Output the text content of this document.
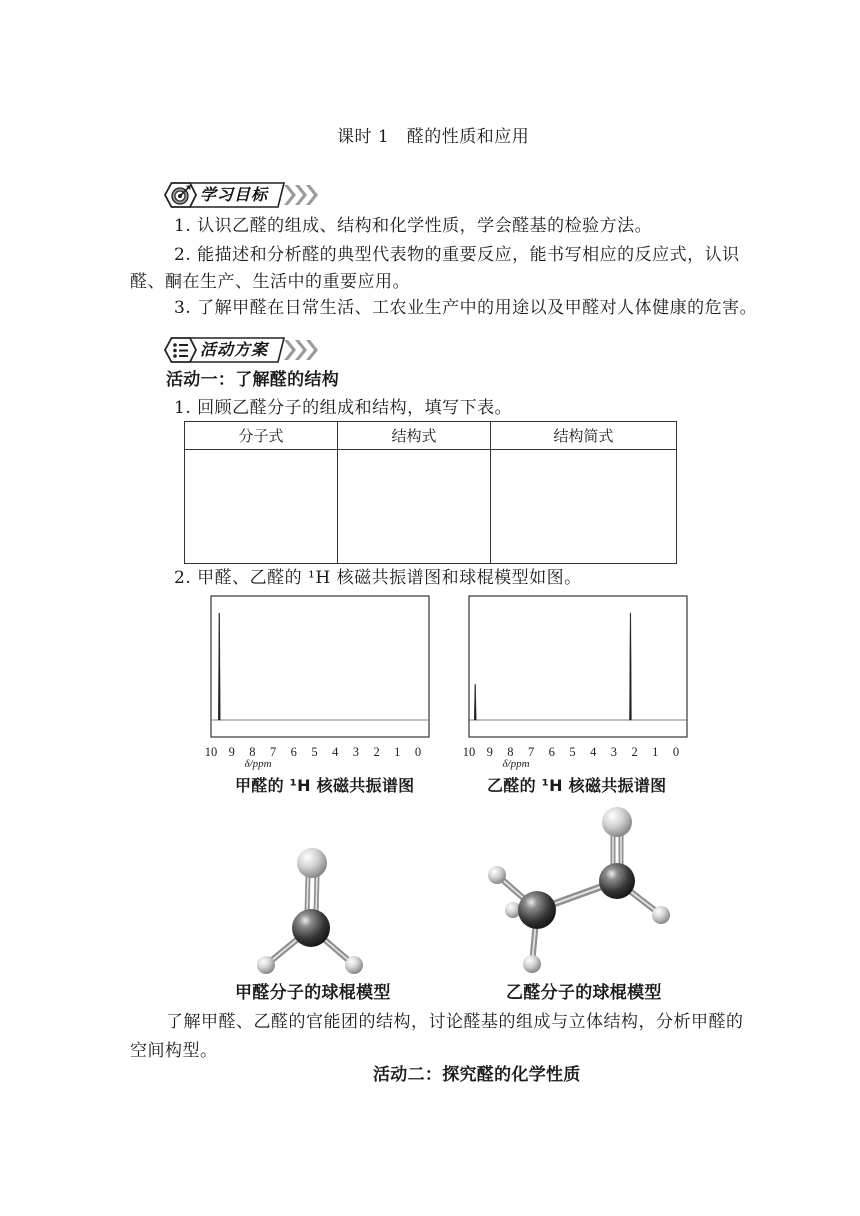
课时 1　醛的性质和应用
学习目标
1. 认识乙醛的组成、结构和化学性质，学会醛基的检验方法。
2. 能描述和分析醛的典型代表物的重要反应，能书写相应的反应式，认识
醛、酮在生产、生活中的重要应用。
3. 了解甲醛在日常生活、工农业生产中的用途以及甲醛对人体健康的危害。
活动方案
活动一：了解醛的结构
1. 回顾乙醛分子的组成和结构，填写下表。
分子式	结构式	结构简式

2. 甲醛、乙醛的 ¹H 核磁共振谱图和球棍模型如图。
10 9 8 7 6 5 4 3 2 1 0
δ/ppm
10 9 8 7 6 5 4 3 2 1 0
δ/ppm
甲醛的 ¹H 核磁共振谱图	乙醛的 ¹H 核磁共振谱图
甲醛分子的球棍模型	乙醛分子的球棍模型
了解甲醛、乙醛的官能团的结构，讨论醛基的组成与立体结构，分析甲醛的
空间构型。
活动二：探究醛的化学性质
